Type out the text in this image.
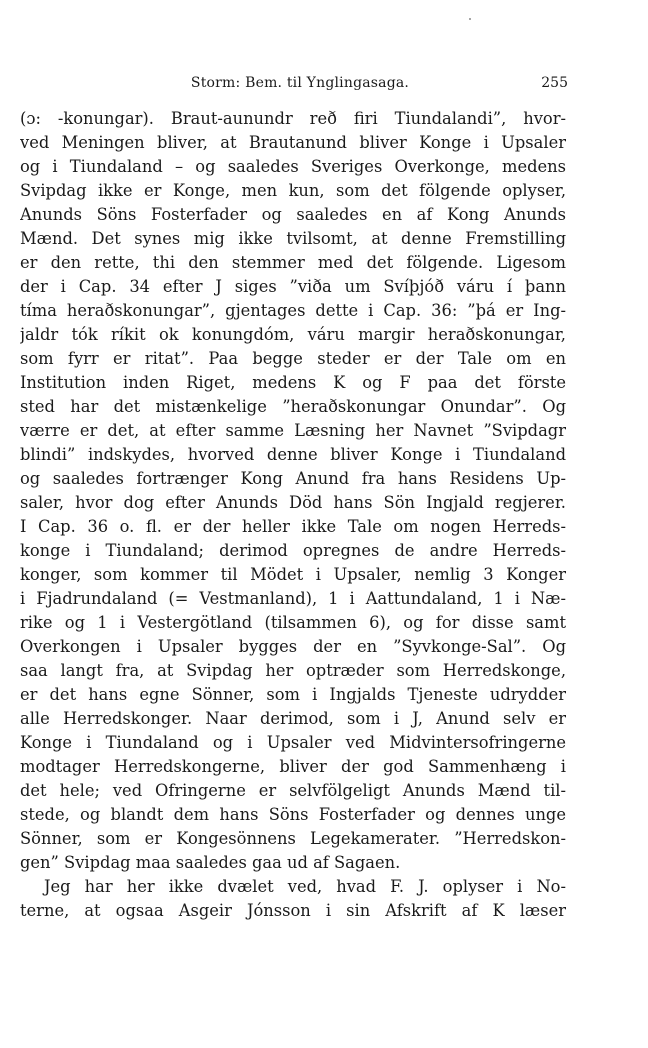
Storm: Bem. til Ynglingasaga.	255
(ɔ: -konungar). Braut-aunundr reð firi Tiundalandi”, hvor-
ved Meningen bliver, at Brautanund bliver Konge i Upsaler
og i Tiundaland – og saaledes Sveriges Overkonge, medens
Svipdag ikke er Konge, men kun, som det fölgende oplyser,
Anunds Söns Fosterfader og saaledes en af Kong Anunds
Mænd. Det synes mig ikke tvilsomt, at denne Fremstilling
er den rette, thi den stemmer med det fölgende. Ligesom
der i Cap. 34 efter J siges ”viða um Svíþjóð váru í þann
tíma heraðskonungar”, gjentages dette i Cap. 36: ”þá er Ing-
jaldr tók ríkit ok konungdóm, váru margir heraðskonungar,
som fyrr er ritat”. Paa begge steder er der Tale om en
Institution inden Riget, medens K og F paa det förste
sted har det mistænkelige ”heraðskonungar Onundar”. Og
værre er det, at efter samme Læsning her Navnet ”Svipdagr
blindi” indskydes, hvorved denne bliver Konge i Tiundaland
og saaledes fortrænger Kong Anund fra hans Residens Up-
saler, hvor dog efter Anunds Död hans Sön Ingjald regjerer.
I Cap. 36 o. fl. er der heller ikke Tale om nogen Herreds-
konge i Tiundaland; derimod opregnes de andre Herreds-
konger, som kommer til Mödet i Upsaler, nemlig 3 Konger
i Fjadrundaland (= Vestmanland), 1 i Aattundaland, 1 i Næ-
rike og 1 i Vestergötland (tilsammen 6), og for disse samt
Overkongen i Upsaler bygges der en ”Syvkonge-Sal”. Og
saa langt fra, at Svipdag her optræder som Herredskonge,
er det hans egne Sönner, som i Ingjalds Tjeneste udrydder
alle Herredskonger. Naar derimod, som i J, Anund selv er
Konge i Tiundaland og i Upsaler ved Midvintersofringerne
modtager Herredskongerne, bliver der god Sammenhæng i
det hele; ved Ofringerne er selvfölgeligt Anunds Mænd til-
stede, og blandt dem hans Söns Fosterfader og dennes unge
Sönner, som er Kongesönnens Legekamerater. ”Herredskon-
gen” Svipdag maa saaledes gaa ud af Sagaen.
Jeg har her ikke dvælet ved, hvad F. J. oplyser i No-
terne, at ogsaa Asgeir Jónsson i sin Afskrift af K læser
